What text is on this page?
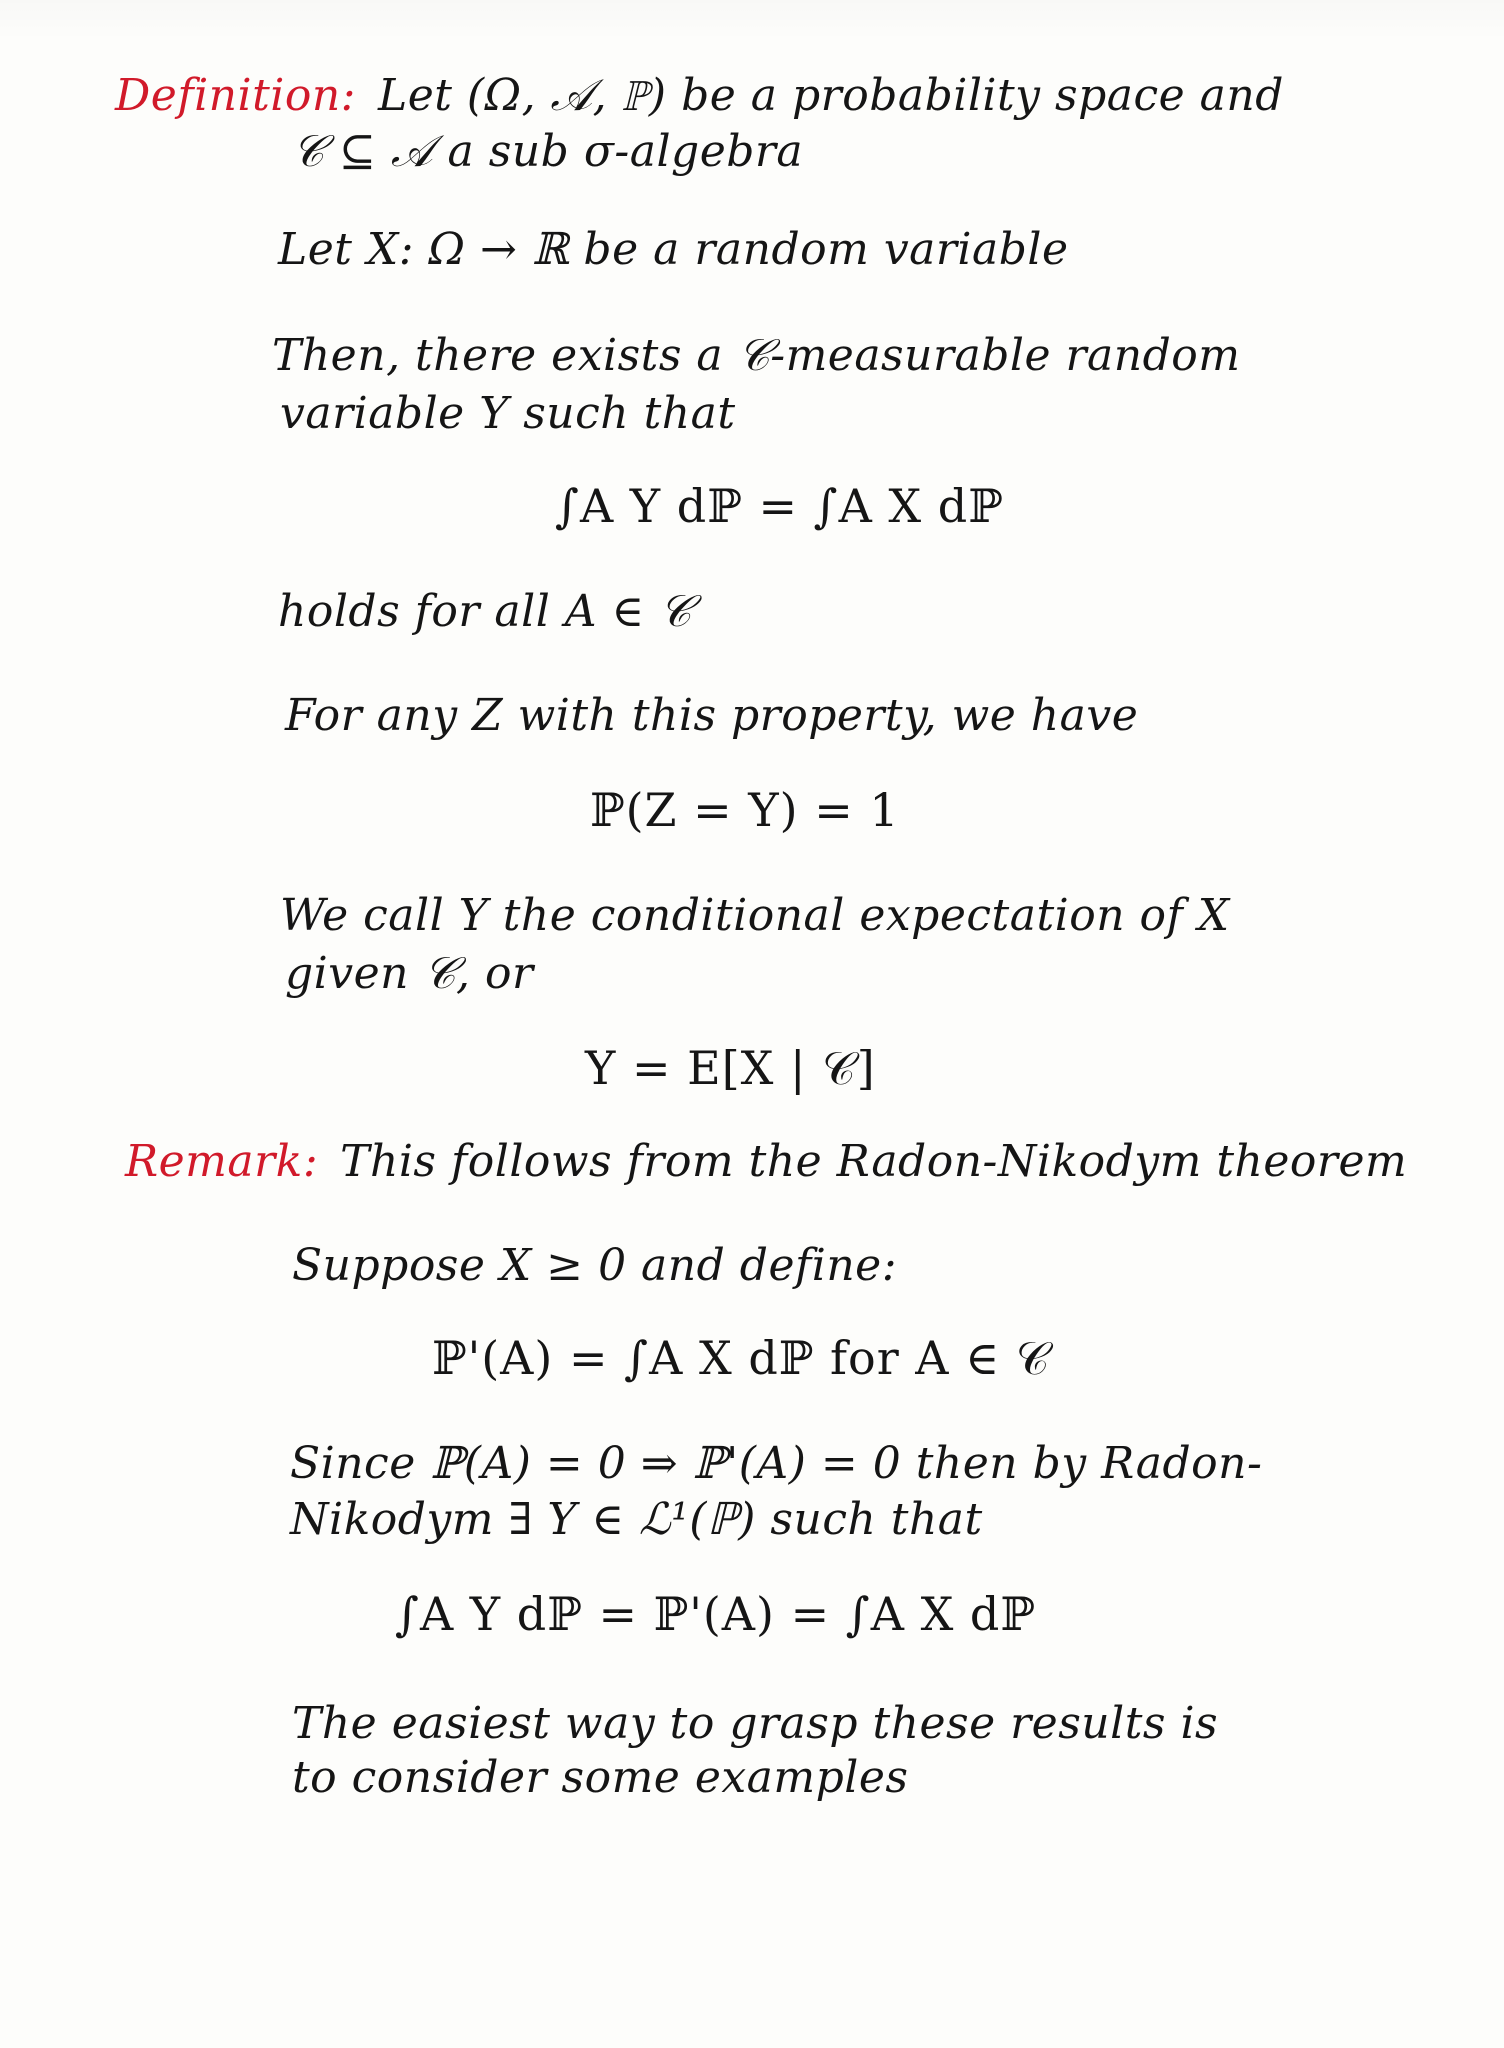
Definition: Let (Ω, 𝒜, ℙ) be a probability space and
𝒞 ⊆ 𝒜 a sub σ-algebra
Let X: Ω → ℝ be a random variable
Then, there exists a 𝒞-measurable random
variable Y such that
∫A Y dℙ = ∫A X dℙ
holds for all A ∈ 𝒞
For any Z with this property, we have
ℙ(Z = Y) = 1
We call Y the conditional expectation of X
given 𝒞, or
Y = E[X | 𝒞]
Remark: This follows from the Radon-Nikodym theorem
Suppose X ≥ 0 and define:
ℙ'(A) = ∫A X dℙ for A ∈ 𝒞
Since ℙ(A) = 0 ⇒ ℙ'(A) = 0 then by Radon-
Nikodym ∃ Y ∈ ℒ¹(ℙ) such that
∫A Y dℙ = ℙ'(A) = ∫A X dℙ
The easiest way to grasp these results is
to consider some examples
